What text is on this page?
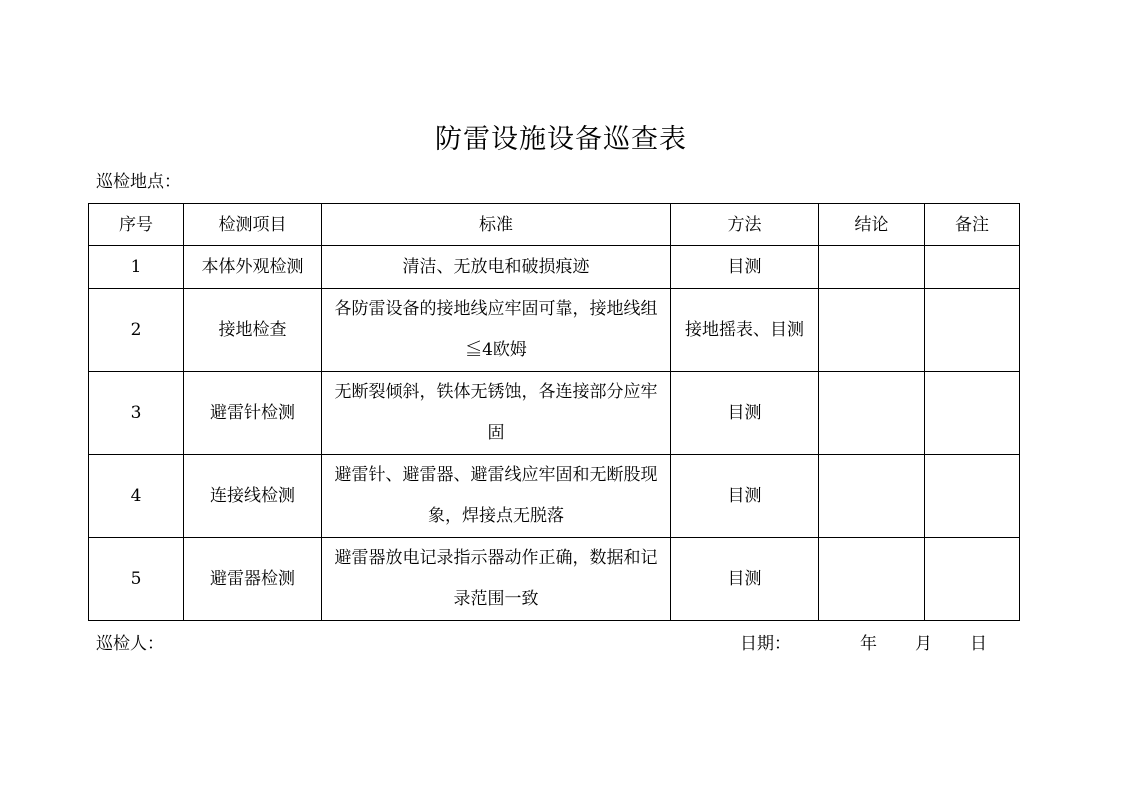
防雷设施设备巡查表
巡检地点：
序号	检测项目	标准	方法	结论	备注
1	本体外观检测	清洁、无放电和破损痕迹	目测		
2	接地检查	各防雷设备的接地线应牢固可靠，接地线组≦4欧姆	接地摇表、目测		
3	避雷针检测	无断裂倾斜，铁体无锈蚀，各连接部分应牢固	目测		
4	连接线检测	避雷针、避雷器、避雷线应牢固和无断股现象，焊接点无脱落	目测		
5	避雷器检测	避雷器放电记录指示器动作正确，数据和记录范围一致	目测		
巡检人：	日期：	年 月 日
